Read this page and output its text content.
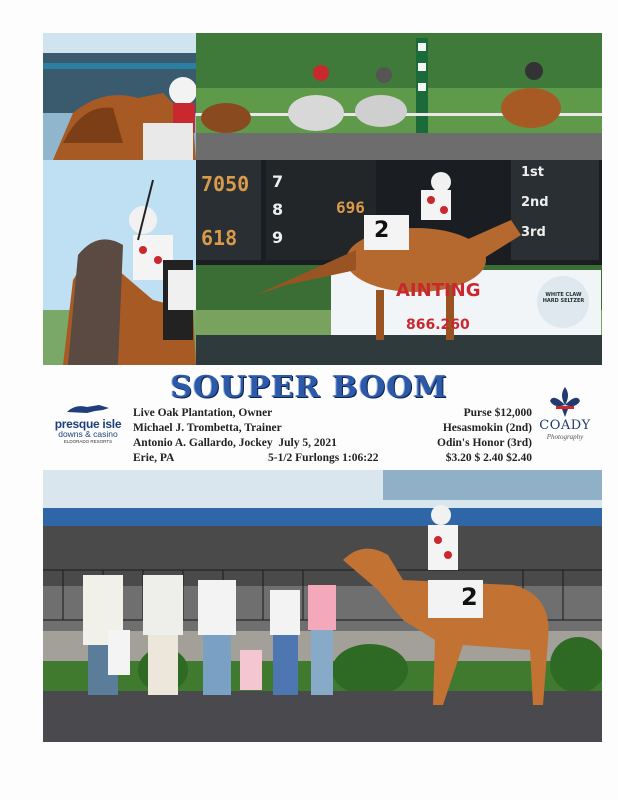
7050
696
618
7
8
9
1st
2nd
3rd
2
AINTING
866.260
WHITE CLAW HARD SELTZER
SOUPER BOOM
presque isle
downs & casino
ELDORADO RESORTS
Live Oak Plantation, Owner
Michael J. Trombetta, Trainer
Antonio A. Gallardo, Jockey July 5, 2021
Erie, PA	5-1/2 Furlongs 1:06:22
Purse $12,000
Hesasmokin (2nd)
Odin's Honor (3rd)
$3.20 $ 2.40 $2.40
COADY
Photography
2
